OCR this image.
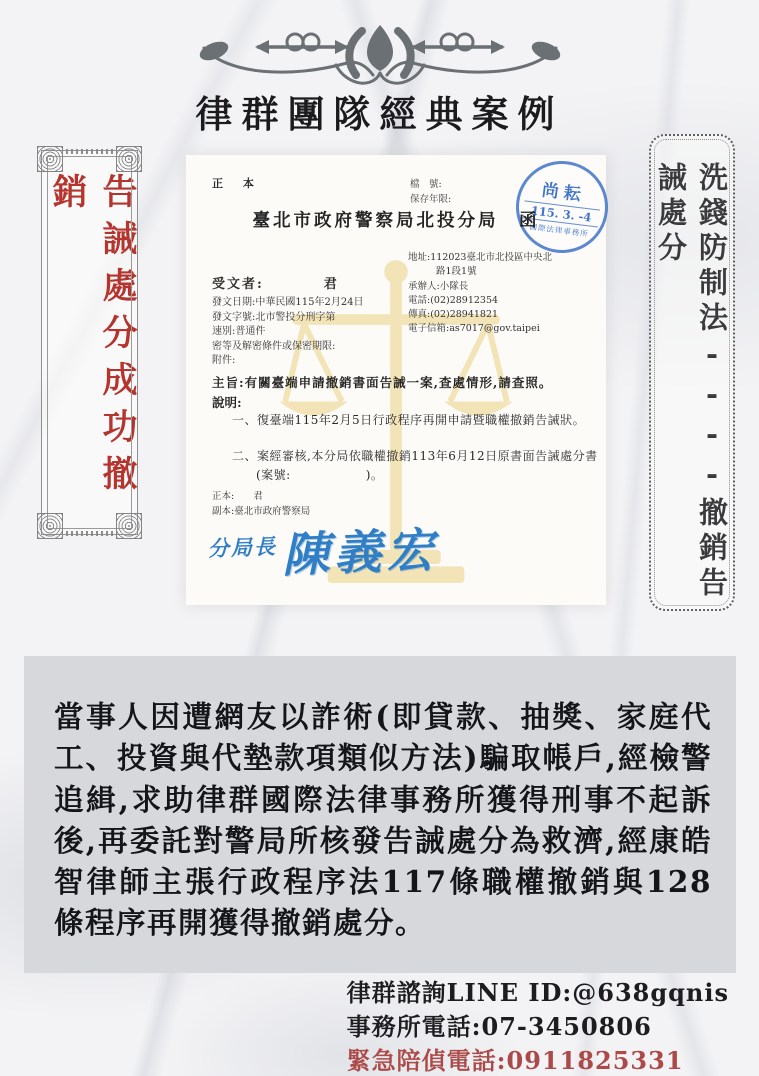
律群團隊經典案例
告誡處分成功撤銷	洗錢防制法----撤銷告誡處分
正 本	檔　號:
保存年限:	尚耘
115. 3. -4
國際法律事務所
臺北市政府警察局北投分局　函
地址:112023臺北市北投區中央北
路1段1號
承辦人:小隊長
電話:(02)28912354
傳真:(02)28941821
電子信箱:as7017@gov.taipei
受文者:　　　　君
發文日期:中華民國115年2月24日
發文字號:北市警投分刑字第
速別:普通件
密等及解密條件或保密期限:
附件:
主旨:有關臺端申請撤銷書面告誡一案,查處情形,請查照。
說明:
一、復臺端115年2月5日行政程序再開申請暨職權撤銷告誡狀。
二、案經審核,本分局依職權撤銷113年6月12日原書面告誡處分書(案號:　　　　　　)。
正本:　　君
副本:臺北市政府警察局
分局長 陳義宏

當事人因遭網友以詐術(即貸款、抽獎、家庭代工、投資與代墊款項類似方法)騙取帳戶,經檢警追緝,求助律群國際法律事務所獲得刑事不起訴後,再委託對警局所核發告誡處分為救濟,經康皓智律師主張行政程序法117條職權撤銷與128條程序再開獲得撤銷處分。

律群諮詢LINE ID:@638gqnis
事務所電話:07-3450806
緊急陪偵電話:0911825331
